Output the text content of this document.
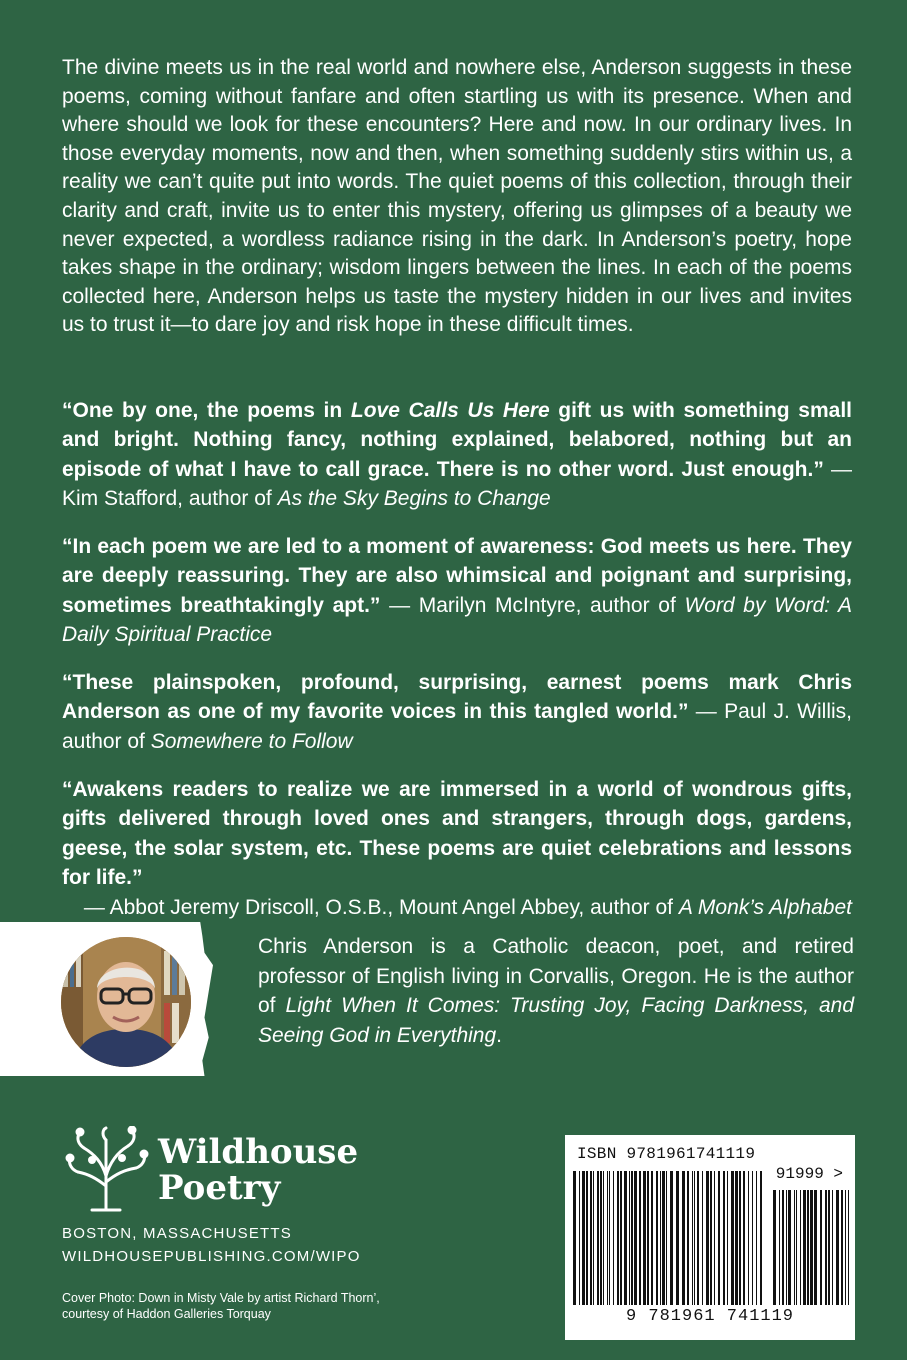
The divine meets us in the real world and nowhere else, Anderson suggests in these poems, coming without fanfare and often startling us with its presence. When and where should we look for these encounters? Here and now. In our ordinary lives. In those everyday moments, now and then, when something suddenly stirs within us, a reality we can’t quite put into words. The quiet poems of this collection, through their clarity and craft, invite us to enter this mystery, offering us glimpses of a beauty we never expected, a wordless radiance rising in the dark. In Anderson’s poetry, hope takes shape in the ordinary; wisdom lingers between the lines. In each of the poems collected here, Anderson helps us taste the mystery hidden in our lives and invites us to trust it—to dare joy and risk hope in these difficult times.
“One by one, the poems in Love Calls Us Here gift us with something small and bright. Nothing fancy, nothing explained, belabored, nothing but an episode of what I have to call grace. There is no other word. Just enough.” — Kim Stafford, author of As the Sky Begins to Change
“In each poem we are led to a moment of awareness: God meets us here. They are deeply reassuring. They are also whimsical and poignant and surprising, sometimes breathtakingly apt.” — Marilyn McIntyre, author of Word by Word: A Daily Spiritual Practice
“These plainspoken, profound, surprising, earnest poems mark Chris Anderson as one of my favorite voices in this tangled world.” — Paul J. Willis, author of Somewhere to Follow
“Awakens readers to realize we are immersed in a world of wondrous gifts, gifts delivered through loved ones and strangers, through dogs, gardens, geese, the solar system, etc. These poems are quiet celebrations and lessons for life.”
— Abbot Jeremy Driscoll, O.S.B., Mount Angel Abbey, author of A Monk’s Alphabet
Chris Anderson is a Catholic deacon, poet, and retired professor of English living in Corvallis, Oregon. He is the author of Light When It Comes: Trusting Joy, Facing Darkness, and Seeing God in Everything.
Wildhouse
Poetry
BOSTON, MASSACHUSETTS
WILDHOUSEPUBLISHING.COM/WIPO
Cover Photo: Down in Misty Vale by artist Richard Thorn’, courtesy of Haddon Galleries Torquay
ISBN 9781961741119
91999 >
9 781961 741119
